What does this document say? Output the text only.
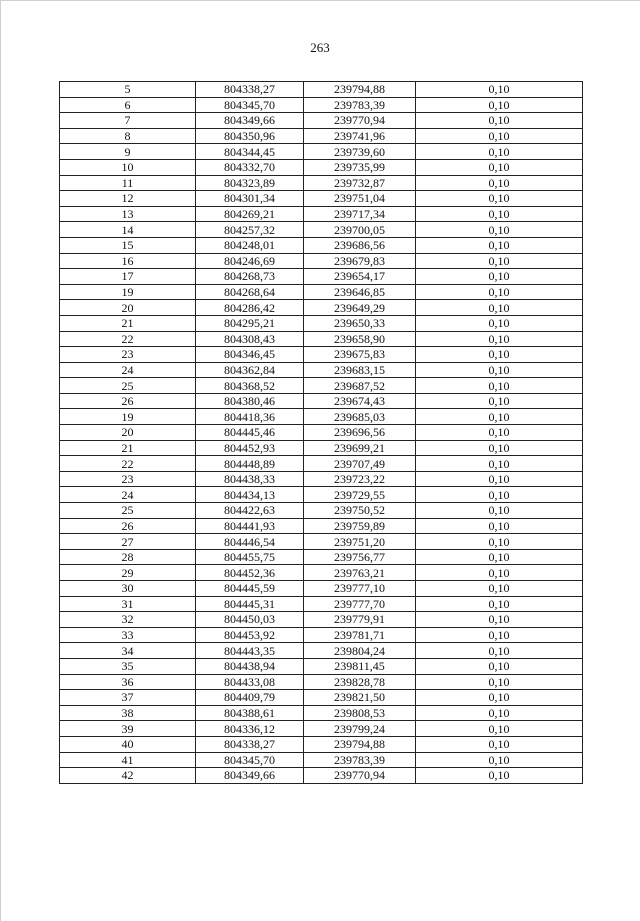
263
5	804338,27	239794,88	0,10
6	804345,70	239783,39	0,10
7	804349,66	239770,94	0,10
8	804350,96	239741,96	0,10
9	804344,45	239739,60	0,10
10	804332,70	239735,99	0,10
11	804323,89	239732,87	0,10
12	804301,34	239751,04	0,10
13	804269,21	239717,34	0,10
14	804257,32	239700,05	0,10
15	804248,01	239686,56	0,10
16	804246,69	239679,83	0,10
17	804268,73	239654,17	0,10
19	804268,64	239646,85	0,10
20	804286,42	239649,29	0,10
21	804295,21	239650,33	0,10
22	804308,43	239658,90	0,10
23	804346,45	239675,83	0,10
24	804362,84	239683,15	0,10
25	804368,52	239687,52	0,10
26	804380,46	239674,43	0,10
19	804418,36	239685,03	0,10
20	804445,46	239696,56	0,10
21	804452,93	239699,21	0,10
22	804448,89	239707,49	0,10
23	804438,33	239723,22	0,10
24	804434,13	239729,55	0,10
25	804422,63	239750,52	0,10
26	804441,93	239759,89	0,10
27	804446,54	239751,20	0,10
28	804455,75	239756,77	0,10
29	804452,36	239763,21	0,10
30	804445,59	239777,10	0,10
31	804445,31	239777,70	0,10
32	804450,03	239779,91	0,10
33	804453,92	239781,71	0,10
34	804443,35	239804,24	0,10
35	804438,94	239811,45	0,10
36	804433,08	239828,78	0,10
37	804409,79	239821,50	0,10
38	804388,61	239808,53	0,10
39	804336,12	239799,24	0,10
40	804338,27	239794,88	0,10
41	804345,70	239783,39	0,10
42	804349,66	239770,94	0,10
